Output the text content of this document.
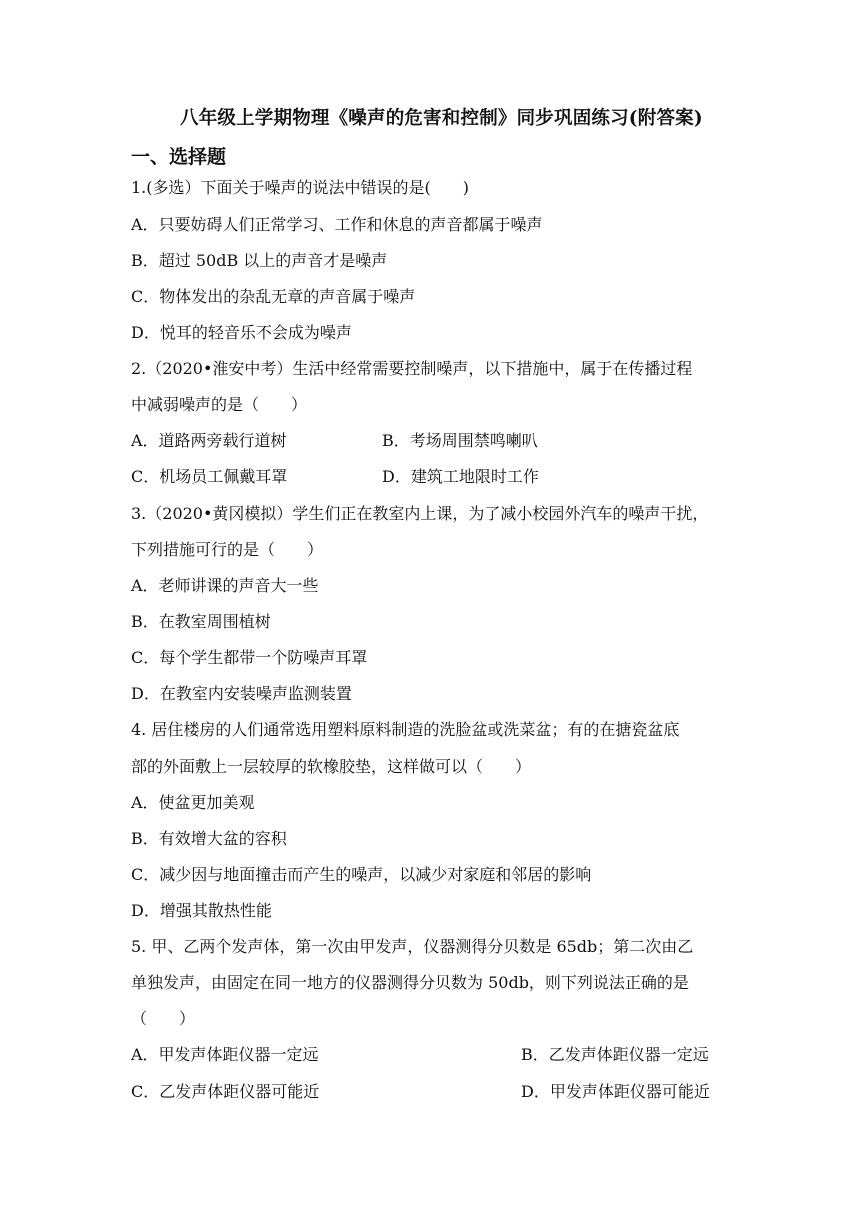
八年级上学期物理《噪声的危害和控制》同步巩固练习(附答案)
一、选择题
1.(多选）下面关于噪声的说法中错误的是(　　)
A．只要妨碍人们正常学习、工作和休息的声音都属于噪声
B．超过 50dB 以上的声音才是噪声
C．物体发出的杂乱无章的声音属于噪声
D．悦耳的轻音乐不会成为噪声
2.（2020•淮安中考）生活中经常需要控制噪声，以下措施中，属于在传播过程
中减弱噪声的是（　　）
A．道路两旁载行道树	B．考场周围禁鸣喇叭
C．机场员工佩戴耳罩	D．建筑工地限时工作
3.（2020•黄冈模拟）学生们正在教室内上课，为了减小校园外汽车的噪声干扰，
下列措施可行的是（　　）
A．老师讲课的声音大一些
B．在教室周围植树
C．每个学生都带一个防噪声耳罩
D．在教室内安装噪声监测装置
4. 居住楼房的人们通常选用塑料原料制造的洗脸盆或洗菜盆；有的在搪瓷盆底
部的外面敷上一层较厚的软橡胶垫，这样做可以（　　）
A．使盆更加美观
B．有效增大盆的容积
C．减少因与地面撞击而产生的噪声，以减少对家庭和邻居的影响
D．增强其散热性能
5. 甲、乙两个发声体，第一次由甲发声，仪器测得分贝数是 65db；第二次由乙
单独发声，由固定在同一地方的仪器测得分贝数为 50db，则下列说法正确的是
（　　）
A．甲发声体距仪器一定远	B．乙发声体距仪器一定远
C．乙发声体距仪器可能近	D．甲发声体距仪器可能近
